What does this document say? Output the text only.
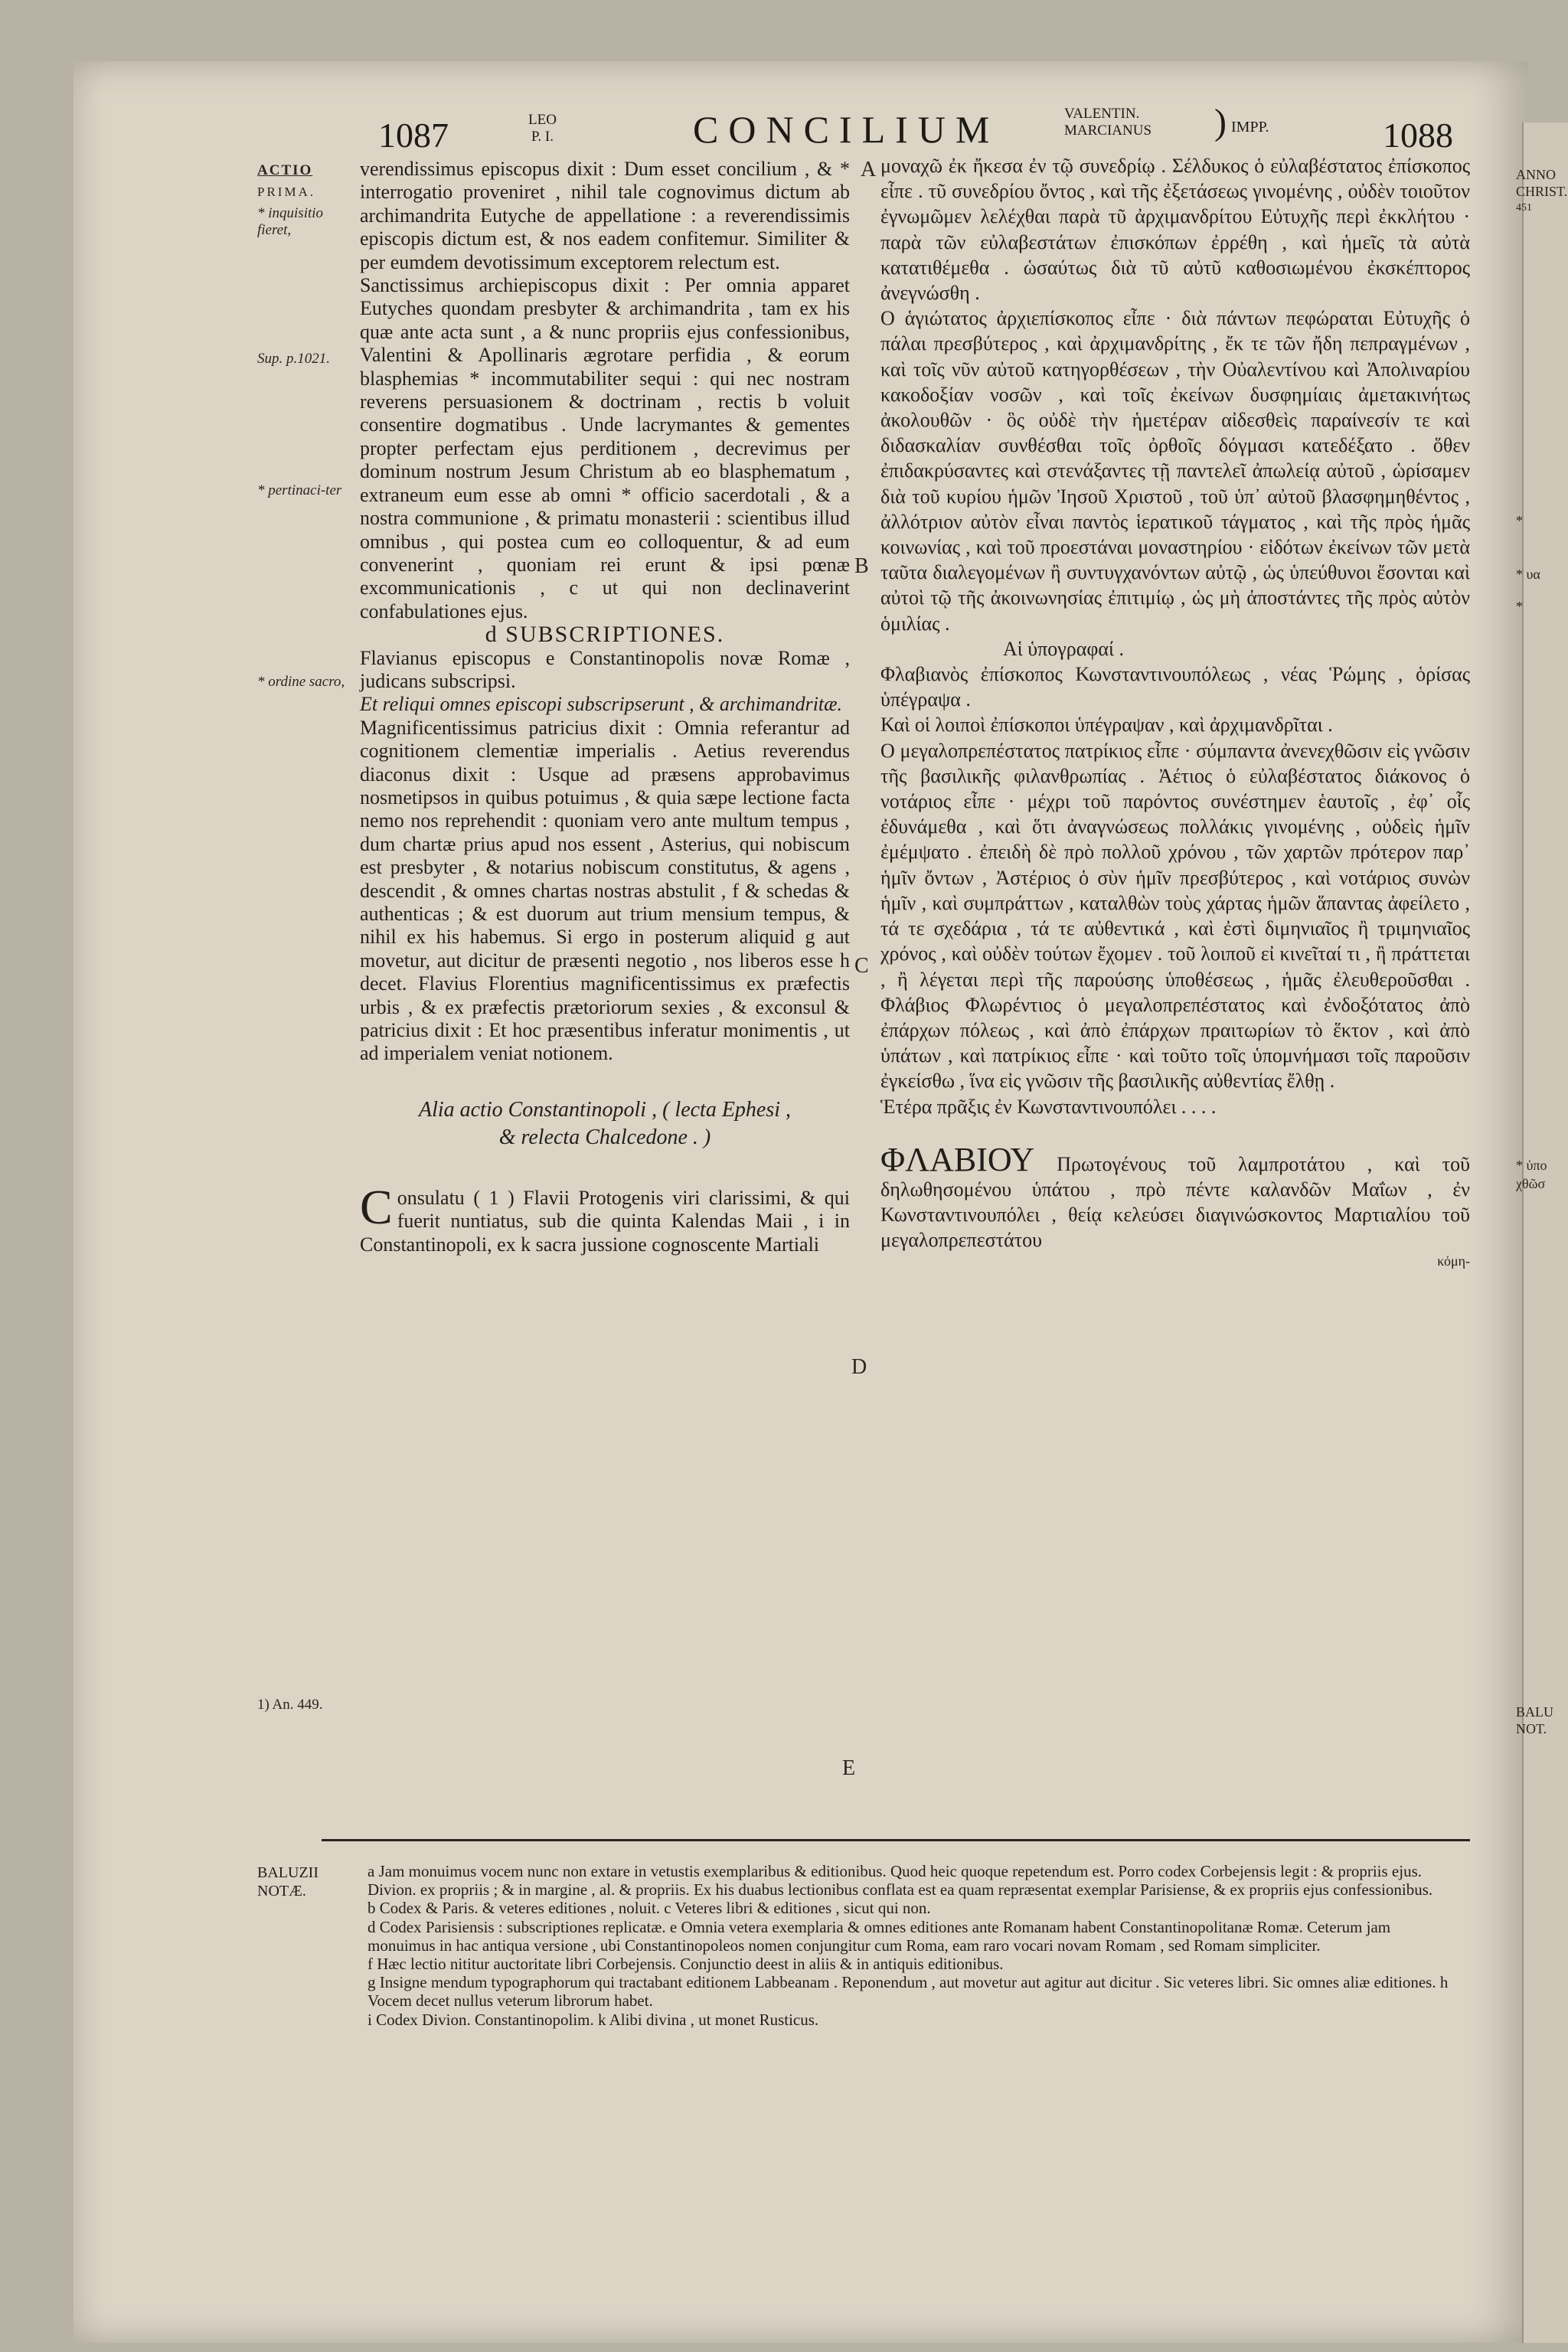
1087	LEO
P. I.	CONCILIUM	VALENTIN.
MARCIANUS ) IMPP.	1088
ACTIO
PRIMA.
* inquisitio fieret,
Sup. p.1021.
* pertinaci-ter
* ordine sacro,
1) An. 449.
ANNO
CHRIST.
451
*
* υα
*
* ὑπο
χθῶσ
BALU
NOT.
A
B
C
D
E

verendissimus episcopus dixit : Dum esset concilium , & * interrogatio proveniret , nihil tale cognovimus dictum ab archimandrita Eutyche de appellatione : a reverendissimis episcopis dictum est, & nos eadem confitemur. Similiter & per eumdem devotissimum exceptorem relectum est.

Sanctissimus archiepiscopus dixit : Per omnia apparet Eutyches quondam presbyter & archimandrita , tam ex his quæ ante acta sunt , a & nunc propriis ejus confessionibus, Valentini & Apollinaris ægrotare perfidia , & eorum blasphemias * incommutabiliter sequi : qui nec nostram reverens persuasionem & doctrinam , rectis b voluit consentire dogmatibus . Unde lacrymantes & gementes propter perfectam ejus perditionem , decrevimus per dominum nostrum Jesum Christum ab eo blasphematum , extraneum eum esse ab omni * officio sacerdotali , & a nostra communione , & primatu monasterii : scientibus illud omnibus , qui postea cum eo colloquentur, & ad eum convenerint , quoniam rei erunt & ipsi pœnæ excommunicationis , c ut qui non declinaverint confabulationes ejus.

d SUBSCRIPTIONES.

Flavianus episcopus e Constantinopolis novæ Romæ , judicans subscripsi.

Et reliqui omnes episcopi subscripserunt , & archimandritæ.

Magnificentissimus patricius dixit : Omnia referantur ad cognitionem clementiæ imperialis . Aetius reverendus diaconus dixit : Usque ad præsens approbavimus nosmetipsos in quibus potuimus , & quia sæpe lectione facta nemo nos reprehendit : quoniam vero ante multum tempus , dum chartæ prius apud nos essent , Asterius, qui nobiscum est presbyter , & notarius nobiscum constitutus, & agens , descendit , & omnes chartas nostras abstulit , f & schedas & authenticas ; & est duorum aut trium mensium tempus, & nihil ex his habemus. Si ergo in posterum aliquid g aut movetur, aut dicitur de præsenti negotio , nos liberos esse h decet. Flavius Florentius magnificentissimus ex præfectis urbis , & ex præfectis prætoriorum sexies , & exconsul & patricius dixit : Et hoc præsentibus inferatur monimentis , ut ad imperialem veniat notionem.

Alia actio Constantinopoli , ( lecta Ephesi ,

& relecta Chalcedone . )

Consulatu ( 1 ) Flavii Protogenis viri clarissimi, & qui fuerit nuntiatus, sub die quinta Kalendas Maii , i in Constantinopoli, ex k sacra jussione cognoscente Martiali

μοναχῶ ἐκ ἤκεσα ἐν τῷ συνεδρίῳ . Σέλδυκος ὁ εὐλαβέστατος ἐπίσκοπος εἶπε . τῦ συνεδρίου ὄντος , καὶ τῆς ἐξετάσεως γινομένης , οὐδὲν τοιοῦτον ἐγνωμῶμεν λελέχθαι παρὰ τῦ ἀρχιμανδρίτου Εὐτυχῆς περὶ ἐκκλήτου · παρὰ τῶν εὐλαβεστάτων ἐπισκόπων ἐρρέθη , καὶ ἡμεῖς τὰ αὐτὰ κατατιθέμεθα . ὡσαύτως διὰ τῦ αὐτῦ καθοσιωμένου ἐκσκέπτορος ἀνεγνώσθη .

Ο ἁγιώτατος ἀρχιεπίσκοπος εἶπε · διὰ πάντων πεφώραται Εὐτυχῆς ὁ πάλαι πρεσβύτερος , καὶ ἀρχιμανδρίτης , ἔκ τε τῶν ἤδη πεπραγμένων , καὶ τοῖς νῦν αὐτοῦ κατηγορθέσεων , τὴν Οὐαλεντίνου καὶ Ἀπολιναρίου κακοδοξίαν νοσῶν , καὶ τοῖς ἐκείνων δυσφημίαις ἀμετακινήτως ἀκολουθῶν · ὃς οὐδὲ τὴν ἡμετέραν αἰδεσθεὶς παραίνεσίν τε καὶ διδασκαλίαν συνθέσθαι τοῖς ὀρθοῖς δόγμασι κατεδέξατο . ὅθεν ἐπιδακρύσαντες καὶ στενάξαντες τῇ παντελεῖ ἀπωλείᾳ αὐτοῦ , ὡρίσαμεν διὰ τοῦ κυρίου ἡμῶν Ἰησοῦ Χριστοῦ , τοῦ ὑπ᾽ αὐτοῦ βλασφημηθέντος , ἀλλότριον αὐτὸν εἶναι παντὸς ἱερατικοῦ τάγματος , καὶ τῆς πρὸς ἡμᾶς κοινωνίας , καὶ τοῦ προεστάναι μοναστηρίου · εἰδότων ἐκείνων τῶν μετὰ ταῦτα διαλεγομένων ἢ συντυγχανόντων αὐτῷ , ὡς ὑπεύθυνοι ἔσονται καὶ αὐτοὶ τῷ τῆς ἀκοινωνησίας ἐπιτιμίῳ , ὡς μὴ ἀποστάντες τῆς πρὸς αὐτὸν ὁμιλίας .

Αἱ ὑπογραφαί .

Φλαβιανὸς ἐπίσκοπος Κωνσταντινουπόλεως , νέας Ῥώμης , ὁρίσας ὑπέγραψα .

Καὶ οἱ λοιποὶ ἐπίσκοποι ὑπέγραψαν , καὶ ἀρχιμανδρῖται .

Ο μεγαλοπρεπέστατος πατρίκιος εἶπε · σύμπαντα ἀνενεχθῶσιν εἰς γνῶσιν τῆς βασιλικῆς φιλανθρωπίας . Ἀέτιος ὁ εὐλαβέστατος διάκονος ὁ νοτάριος εἶπε · μέχρι τοῦ παρόντος συνέστημεν ἑαυτοῖς , ἐφ᾽ οἷς ἐδυνάμεθα , καὶ ὅτι ἀναγνώσεως πολλάκις γινομένης , οὐδεὶς ἡμῖν ἐμέμψατο . ἐπειδὴ δὲ πρὸ πολλοῦ χρόνου , τῶν χαρτῶν πρότερον παρ᾽ ἡμῖν ὄντων , Ἀστέριος ὁ σὺν ἡμῖν πρεσβύτερος , καὶ νοτάριος συνὼν ἡμῖν , καὶ συμπράττων , καταλθὼν τοὺς χάρτας ἡμῶν ἅπαντας ἀφείλετο , τά τε σχεδάρια , τά τε αὐθεντικά , καὶ ἐστὶ διμηνιαῖος ἢ τριμηνιαῖος χρόνος , καὶ οὐδὲν τούτων ἔχομεν . τοῦ λοιποῦ εἰ κινεῖταί τι , ἢ πράττεται , ἢ λέγεται περὶ τῆς παρούσης ὑποθέσεως , ἡμᾶς ἐλευθεροῦσθαι . Φλάβιος Φλωρέντιος ὁ μεγαλοπρεπέστατος καὶ ἐνδοξότατος ἀπὸ ἐπάρχων πόλεως , καὶ ἀπὸ ἐπάρχων πραιτωρίων τὸ ἕκτον , καὶ ἀπὸ ὑπάτων , καὶ πατρίκιος εἶπε · καὶ τοῦτο τοῖς ὑπομνήμασι τοῖς παροῦσιν ἐγκείσθω , ἵνα εἰς γνῶσιν τῆς βασιλικῆς αὐθεντίας ἔλθῃ .

Ἑτέρα πρᾶξις ἐν Κωνσταντινουπόλει . . . .

ΦΛΑΒΙΟΥ Πρωτογένους τοῦ λαμπροτάτου , καὶ τοῦ δηλωθησομένου ὑπάτου , πρὸ πέντε καλανδῶν Μαΐων , ἐν Κωνσταντινουπόλει , θείᾳ κελεύσει διαγινώσκοντος Μαρτιαλίου τοῦ μεγαλοπρεπεστάτου

κόμη-

BALUZII
NOTÆ.

a Jam monuimus vocem nunc non extare in vetustis exemplaribus & editionibus. Quod heic quoque repetendum est. Porro codex Corbejensis legit : & propriis ejus. Divion. ex propriis ; & in margine , al. & propriis. Ex his duabus lectionibus conflata est ea quam repræsentat exemplar Parisiense, & ex propriis ejus confessionibus.

b Codex & Paris. & veteres editiones , noluit. c Veteres libri & editiones , sicut qui non.

d Codex Parisiensis : subscriptiones replicatæ. e Omnia vetera exemplaria & omnes editiones ante Romanam habent Constantinopolitanæ Romæ. Ceterum jam monuimus in hac antiqua versione , ubi Constantinopoleos nomen conjungitur cum Roma, eam raro vocari novam Romam , sed Romam simpliciter.

f Hæc lectio nititur auctoritate libri Corbejensis. Conjunctio deest in aliis & in antiquis editionibus.

g Insigne mendum typographorum qui tractabant editionem Labbeanam . Reponendum , aut movetur aut agitur aut dicitur . Sic veteres libri. Sic omnes aliæ editiones. h Vocem decet nullus veterum librorum habet.

i Codex Divion. Constantinopolim. k Alibi divina , ut monet Rusticus.
